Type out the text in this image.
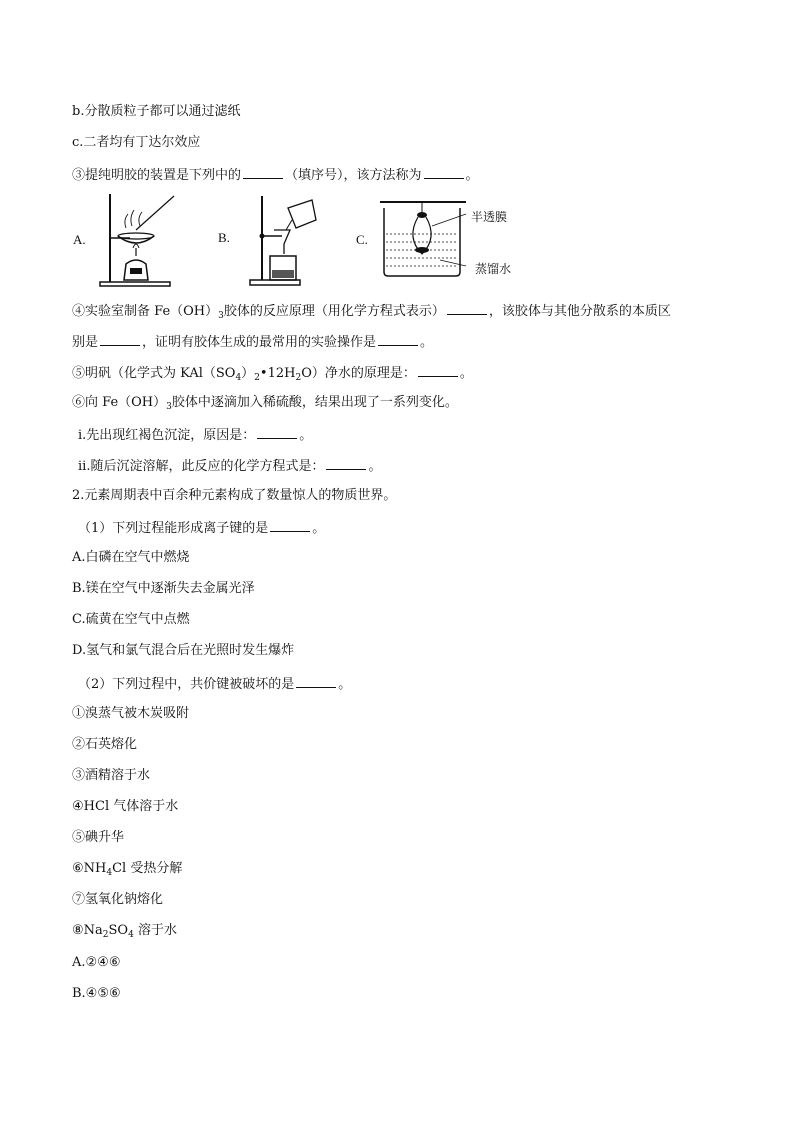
b.分散质粒子都可以通过滤纸
c.二者均有丁达尔效应
③提纯明胶的装置是下列中的	（填序号），该方法称为	。
A.	B.	C.
半透膜
蒸馏水
④实验室制备 $Fe(OH)_3$胶体的反应原理（用化学方程式表示）	，该胶体与其他分散系的本质区
别是	，证明有胶体生成的最常用的实验操作是	。
⑤明矾（化学式为 $KAl(SO_4)_2•12H_2O$）净水的原理是：	。
⑥向 $Fe(OH)_3$胶体中逐滴加入稀硫酸，结果出现了一系列变化。
ⅰ.先出现红褐色沉淀，原因是：	。
ⅱ.随后沉淀溶解，此反应的化学方程式是：	。
2.元素周期表中百余种元素构成了数量惊人的物质世界。
（1）下列过程能形成离子键的是	。
A.白磷在空气中燃烧
B.镁在空气中逐渐失去金属光泽
C.硫黄在空气中点燃
D.氢气和氯气混合后在光照时发生爆炸
（2）下列过程中，共价键被破坏的是	。
①溴蒸气被木炭吸附
②石英熔化
③酒精溶于水
④HCl 气体溶于水
⑤碘升华
$⑥NH_4Cl$ 受热分解
⑦氢氧化钠熔化
$⑧Na_2SO_4$ 溶于水
A.②④⑥
B.④⑤⑥
